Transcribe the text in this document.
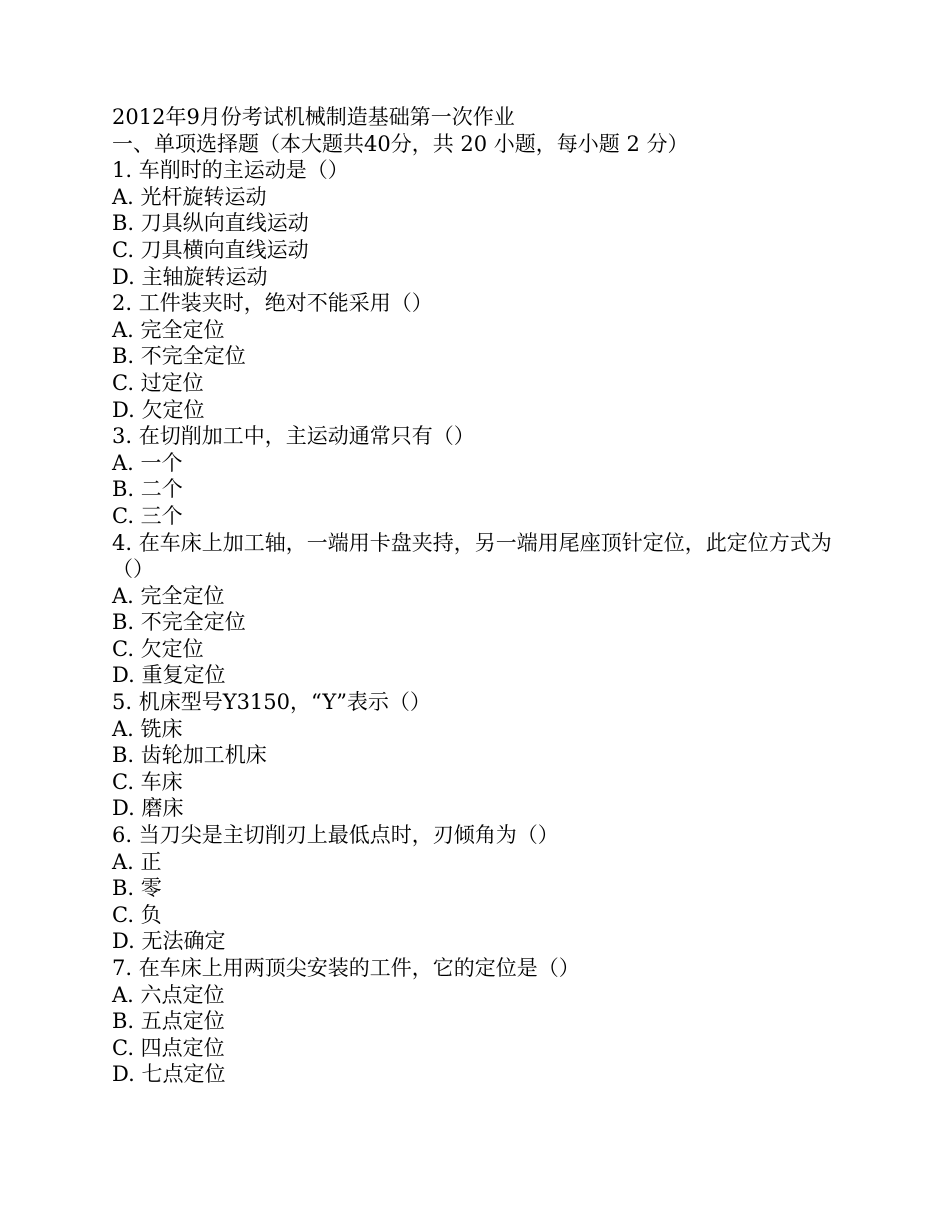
2012年9月份考试机械制造基础第一次作业

一、单项选择题（本大题共40分，共 20 小题，每小题 2 分）

1. 车削时的主运动是（）

A. 光杆旋转运动
B. 刀具纵向直线运动
C. 刀具横向直线运动
D. 主轴旋转运动

2. 工件装夹时，绝对不能采用（）

A. 完全定位
B. 不完全定位
C. 过定位
D. 欠定位

3. 在切削加工中，主运动通常只有（）

A. 一个
B. 二个
C. 三个

4. 在车床上加工轴，一端用卡盘夹持，另一端用尾座顶针定位，此定位方式为（）

A. 完全定位
B. 不完全定位
C. 欠定位
D. 重复定位

5. 机床型号Y3150，“Y”表示（）

A. 铣床
B. 齿轮加工机床
C. 车床
D. 磨床

6. 当刀尖是主切削刃上最低点时，刃倾角为（）

A. 正
B. 零
C. 负
D. 无法确定

7. 在车床上用两顶尖安装的工件，它的定位是（）

A. 六点定位
B. 五点定位
C. 四点定位
D. 七点定位
